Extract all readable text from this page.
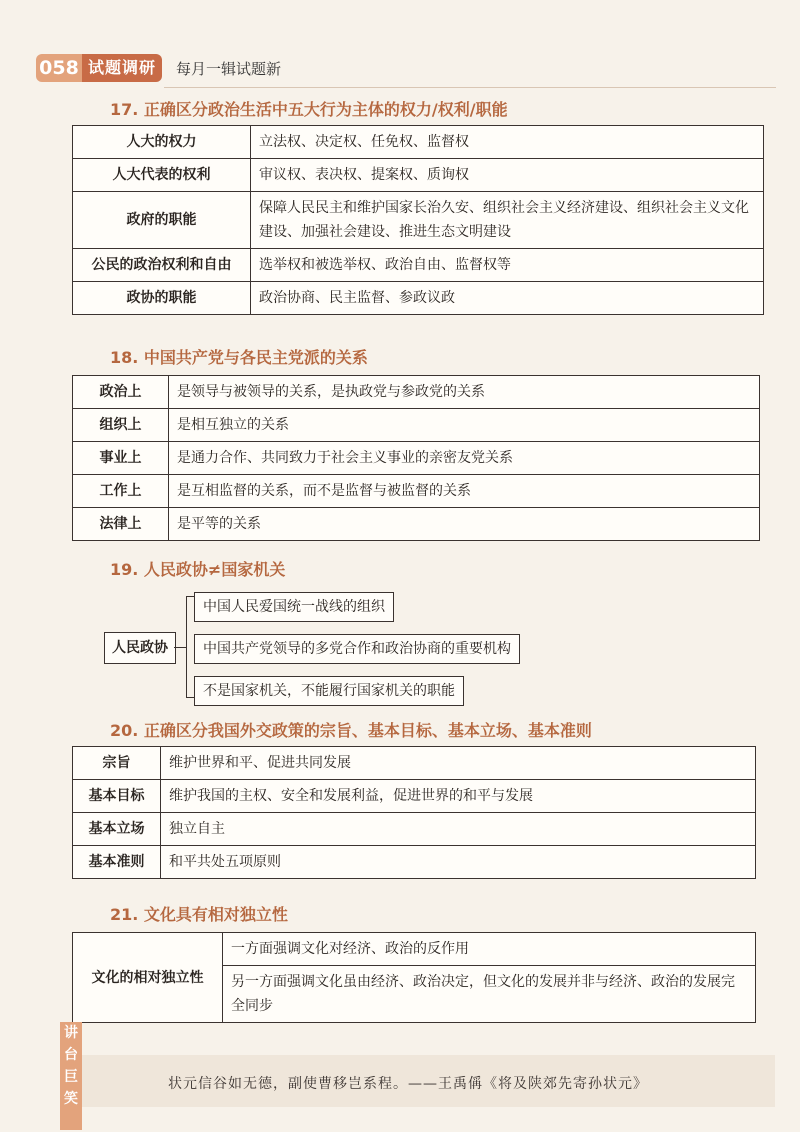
058 试题调研	每月一辑试题新
17. 正确区分政治生活中五大行为主体的权力/权利/职能
人大的权力	立法权、决定权、任免权、监督权
人大代表的权利	审议权、表决权、提案权、质询权
政府的职能	保障人民民主和维护国家长治久安、组织社会主义经济建设、组织社会主义文化建设、加强社会建设、推进生态文明建设
公民的政治权利和自由	选举权和被选举权、政治自由、监督权等
政协的职能	政治协商、民主监督、参政议政
18. 中国共产党与各民主党派的关系
政治上	是领导与被领导的关系，是执政党与参政党的关系
组织上	是相互独立的关系
事业上	是通力合作、共同致力于社会主义事业的亲密友党关系
工作上	是互相监督的关系，而不是监督与被监督的关系
法律上	是平等的关系
19. 人民政协≠国家机关
人民政协
中国人民爱国统一战线的组织
中国共产党领导的多党合作和政治协商的重要机构
不是国家机关，不能履行国家机关的职能
20. 正确区分我国外交政策的宗旨、基本目标、基本立场、基本准则
宗旨	维护世界和平、促进共同发展
基本目标	维护我国的主权、安全和发展利益，促进世界的和平与发展
基本立场	独立自主
基本准则	和平共处五项原则
21. 文化具有相对独立性
文化的相对独立性	一方面强调文化对经济、政治的反作用
另一方面强调文化虽由经济、政治决定，但文化的发展并非与经济、政治的发展完全同步
讲台巨笑
状元信谷如无德，副使曹移岂系程。——王禹偁《将及陕郊先寄孙状元》
